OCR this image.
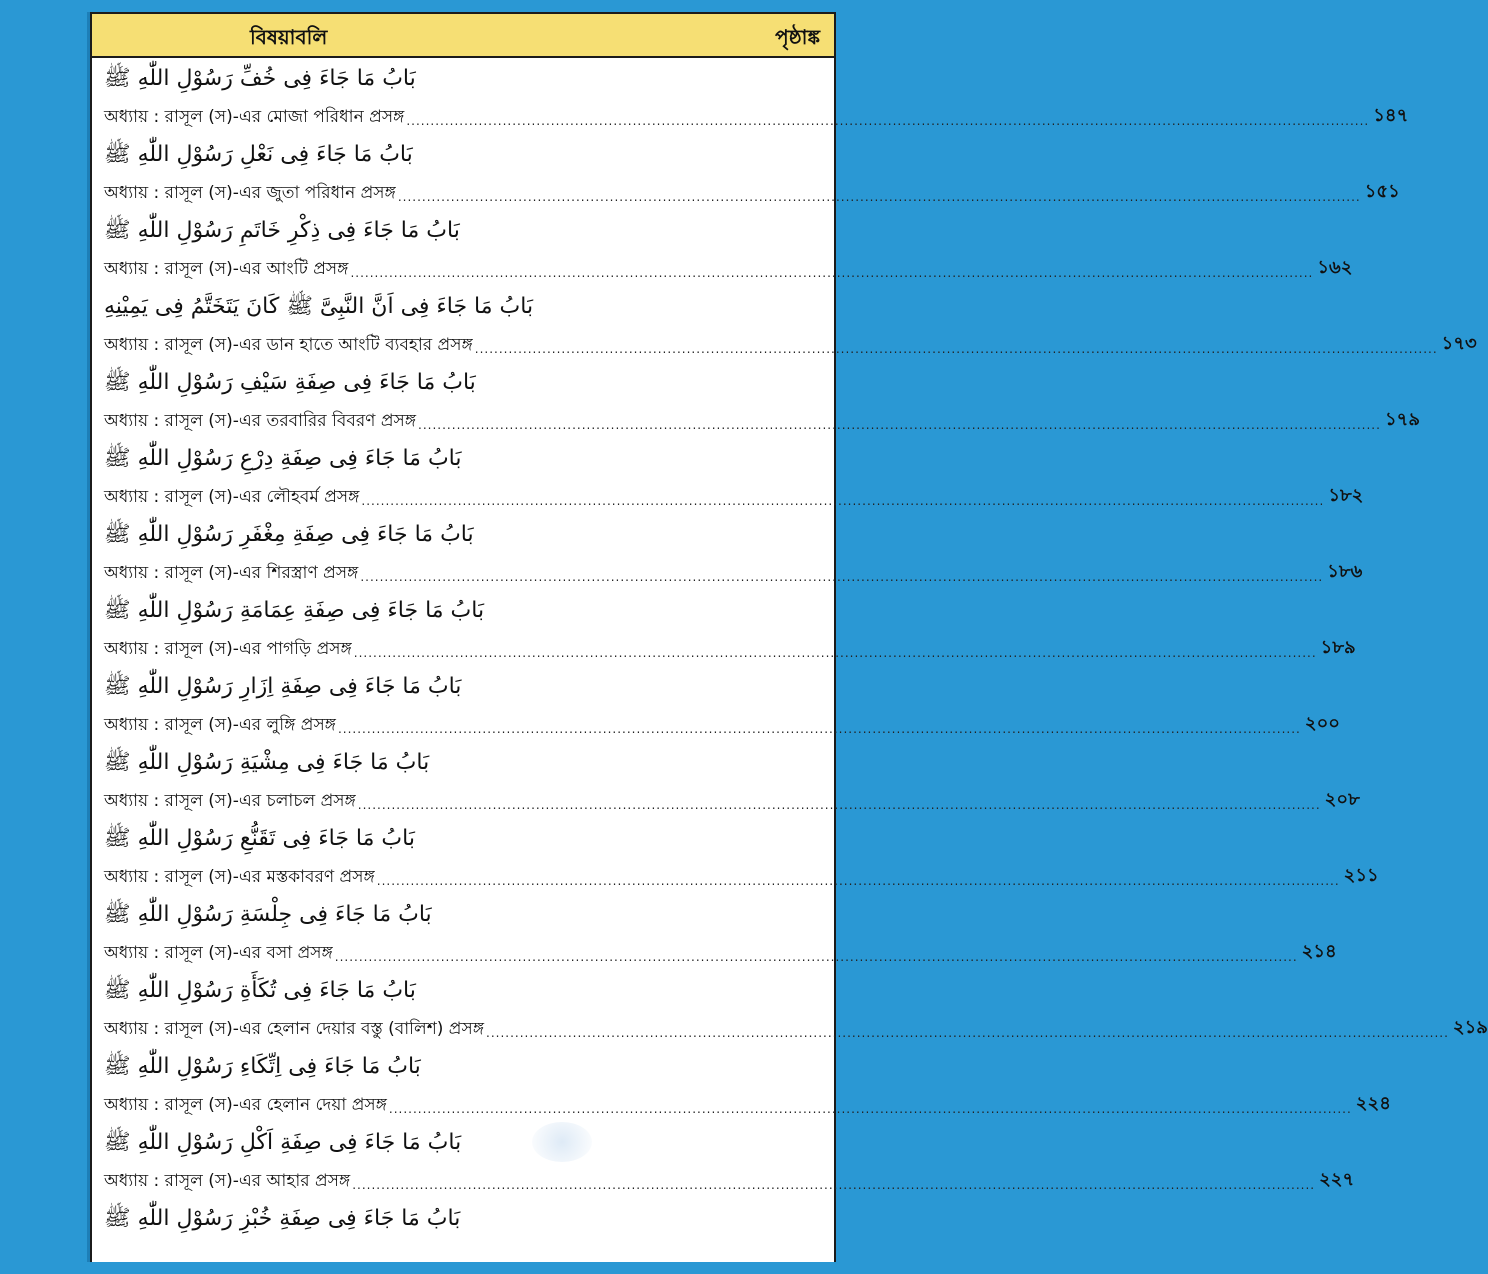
বিষয়াবলি	পৃষ্ঠাঙ্ক
بَابُ مَا جَاءَ فِى خُفِّ رَسُوْلِ اللّٰهِ ﷺ
অধ্যায় : রাসূল (স)-এর মোজা পরিধান প্রসঙ্গ ........................................................................................................................................................................................................ ১৪৭
بَابُ مَا جَاءَ فِى نَعْلِ رَسُوْلِ اللّٰهِ ﷺ
অধ্যায় : রাসূল (স)-এর জুতা পরিধান প্রসঙ্গ ........................................................................................................................................................................................................ ১৫১
بَابُ مَا جَاءَ فِى ذِكْرِ خَاتَمِ رَسُوْلِ اللّٰهِ ﷺ
অধ্যায় : রাসূল (স)-এর আংটি প্রসঙ্গ ........................................................................................................................................................................................................ ১৬২
بَابُ مَا جَاءَ فِى اَنَّ النَّبِىَّ ﷺ كَانَ يَتَخَتَّمُ فِى يَمِيْنِهِ
অধ্যায় : রাসূল (স)-এর ডান হাতে আংটি ব্যবহার প্রসঙ্গ ........................................................................................................................................................................................................ ১৭৩
بَابُ مَا جَاءَ فِى صِفَةِ سَيْفِ رَسُوْلِ اللّٰهِ ﷺ
অধ্যায় : রাসূল (স)-এর তরবারির বিবরণ প্রসঙ্গ ........................................................................................................................................................................................................ ১৭৯
بَابُ مَا جَاءَ فِى صِفَةِ دِرْعِ رَسُوْلِ اللّٰهِ ﷺ
অধ্যায় : রাসূল (স)-এর লৌহবর্ম প্রসঙ্গ ........................................................................................................................................................................................................ ১৮২
بَابُ مَا جَاءَ فِى صِفَةِ مِغْفَرِ رَسُوْلِ اللّٰهِ ﷺ
অধ্যায় : রাসূল (স)-এর শিরস্ত্রাণ প্রসঙ্গ ........................................................................................................................................................................................................ ১৮৬
بَابُ مَا جَاءَ فِى صِفَةِ عِمَامَةِ رَسُوْلِ اللّٰهِ ﷺ
অধ্যায় : রাসূল (স)-এর পাগড়ি প্রসঙ্গ ........................................................................................................................................................................................................ ১৮৯
بَابُ مَا جَاءَ فِى صِفَةِ اِزَارِ رَسُوْلِ اللّٰهِ ﷺ
অধ্যায় : রাসূল (স)-এর লুঙ্গি প্রসঙ্গ ........................................................................................................................................................................................................ ২০০
بَابُ مَا جَاءَ فِى مِشْيَةِ رَسُوْلِ اللّٰهِ ﷺ
অধ্যায় : রাসূল (স)-এর চলাচল প্রসঙ্গ ........................................................................................................................................................................................................ ২০৮
بَابُ مَا جَاءَ فِى تَقَنُّعِ رَسُوْلِ اللّٰهِ ﷺ
অধ্যায় : রাসূল (স)-এর মস্তকাবরণ প্রসঙ্গ ........................................................................................................................................................................................................ ২১১
بَابُ مَا جَاءَ فِى جِلْسَةِ رَسُوْلِ اللّٰهِ ﷺ
অধ্যায় : রাসূল (স)-এর বসা প্রসঙ্গ ........................................................................................................................................................................................................ ২১৪
بَابُ مَا جَاءَ فِى تُكَأَةِ رَسُوْلِ اللّٰهِ ﷺ
অধ্যায় : রাসূল (স)-এর হেলান দেয়ার বস্তু (বালিশ) প্রসঙ্গ ........................................................................................................................................................................................................ ২১৯
بَابُ مَا جَاءَ فِى اِتِّكَاءِ رَسُوْلِ اللّٰهِ ﷺ
অধ্যায় : রাসূল (স)-এর হেলান দেয়া প্রসঙ্গ ........................................................................................................................................................................................................ ২২৪
بَابُ مَا جَاءَ فِى صِفَةِ اَكْلِ رَسُوْلِ اللّٰهِ ﷺ
অধ্যায় : রাসূল (স)-এর আহার প্রসঙ্গ ........................................................................................................................................................................................................ ২২৭
بَابُ مَا جَاءَ فِى صِفَةِ خُبْزِ رَسُوْلِ اللّٰهِ ﷺ
